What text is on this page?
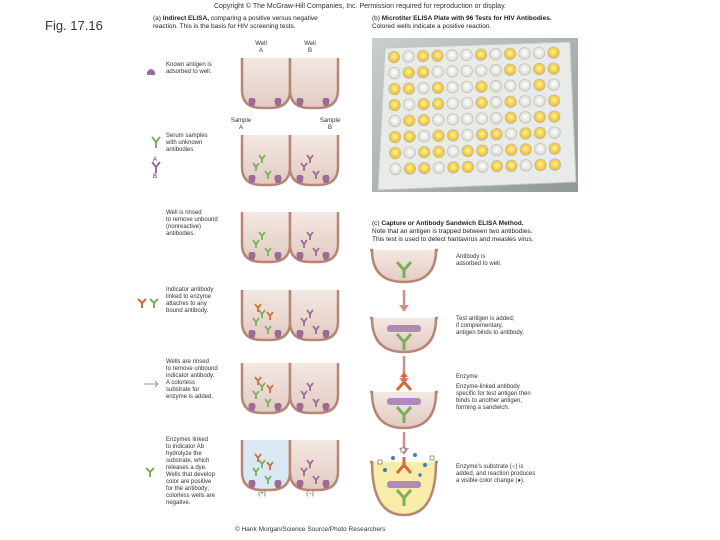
Fig. 17.16
Copyright © The McGraw-Hill Companies, Inc. Permission required for reproduction or display.
(a) Indirect ELISA, comparing a positive versus negative
reaction. This is the basis for HIV screening tests.
(b) Microtiter ELISA Plate with 96 Tests for HIV Antibodies.
Colored wells indicate a positive reaction.
(c) Capture or Antibody Sandwich ELISA Method.
Note that an antigen is trapped between two antibodies.
This test is used to detect hantavirus and measles virus.
Well
A
Well
B
Sample
A
Sample
B
Known antigen is
adsorbed to well.
Serum samples
with unknown
antibodies
Well is rinsed
to remove unbound
(nonreactive)
antibodies.
Indicator antibody
linked to enzyme
attaches to any
bound antibody.
Wells are rinsed
to remove unbound
indicator antibody.
A colorless
substrate for
enzyme is added.
Enzymes linked
to indicator Ab
hydrolyze the
substrate, which
releases a dye.
Wells that develop
color are positive
for the antibody;
colorless wells are
negative.
A
B
(+)	(−)
Antibody is
adsorbed to well.
Test antigen is added;
if complementary,
antigen binds to antibody.
Enzyme-linked antibody
specific for test antigen then
binds to another antigen,
forming a sandwich.
Enzyme's substrate (○) is
added, and reaction produces
a visible color change (●).
Enzyme
© Hank Morgan/Science Source/Photo Researchers
